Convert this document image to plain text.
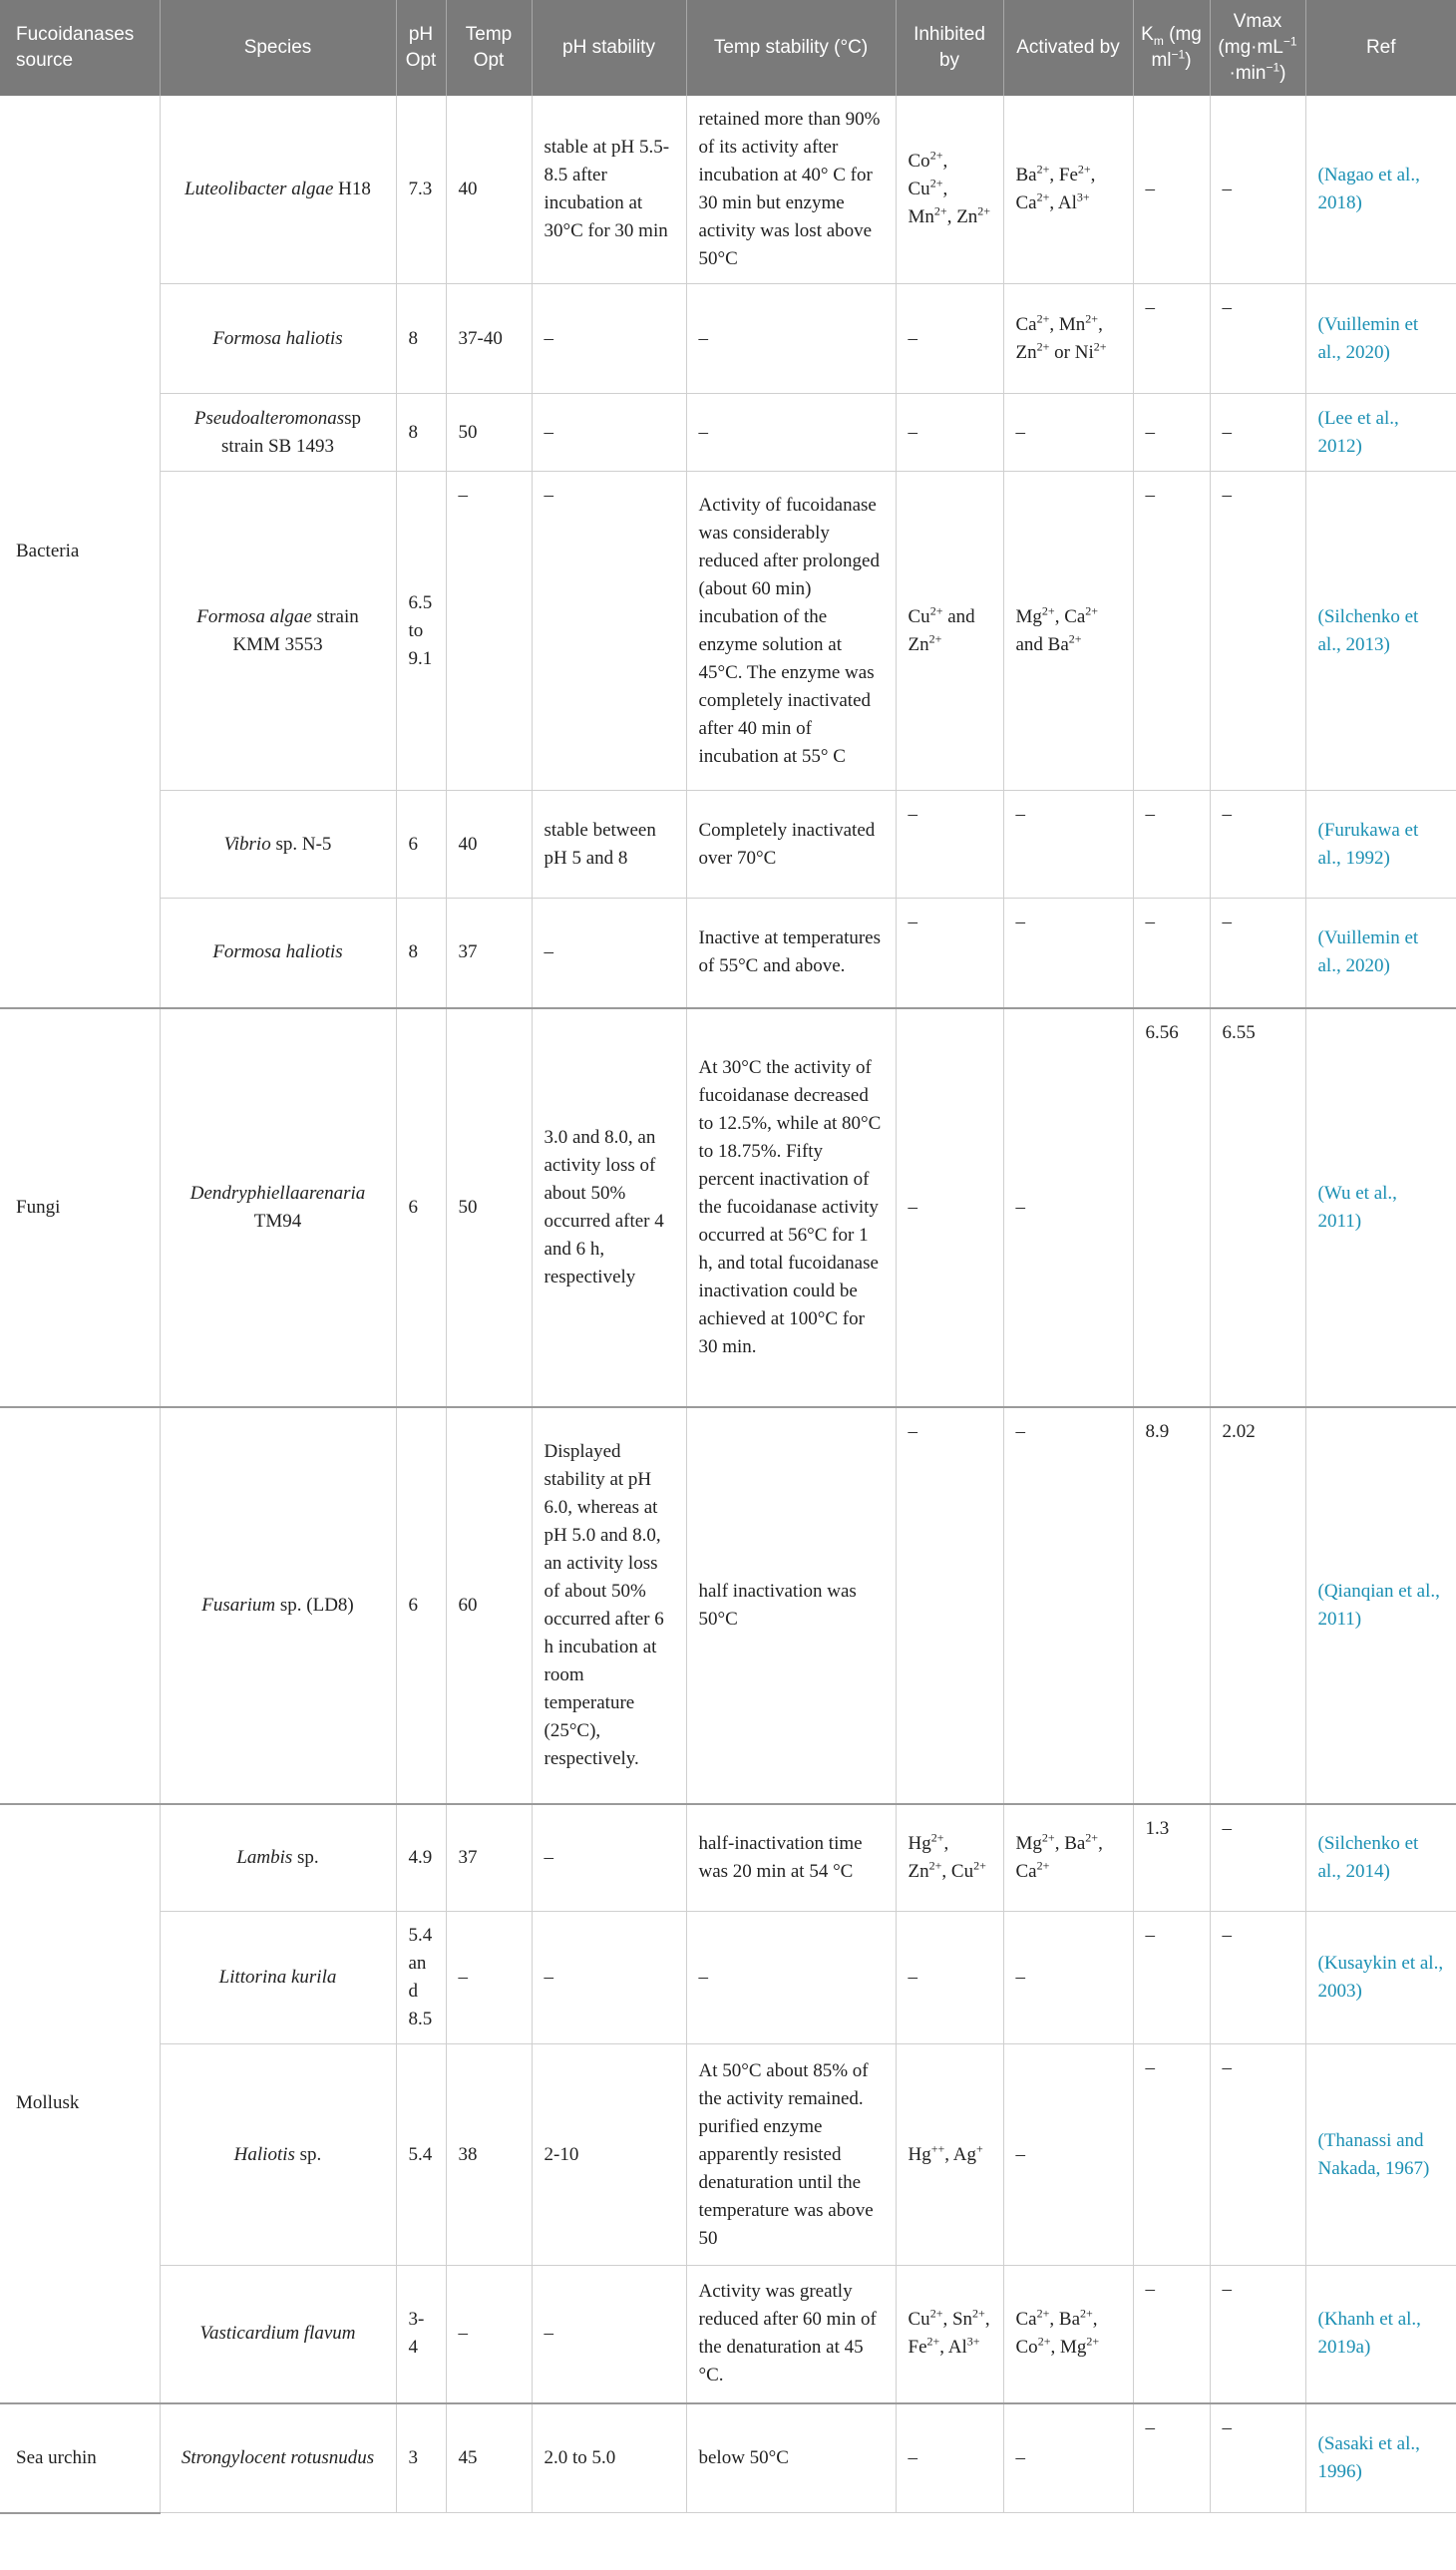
Fucoidanases source	Species	pH Opt	Temp Opt	pH stability	Temp stability (°C)	Inhibited by	Activated by	$K_m$ (mg $ml^{-1}$)	Vmax $(mg\cdot mL^{-1} \cdot\min^{-1})$	Ref
Bacteria	Luteolibacter algae H18	7.3	40	stable at pH 5.5-8.5 after incubation at 30°C for 30 min	retained more than 90% of its activity after incubation at 40° C for 30 min but enzyme activity was lost above 50°C	$Co^{2+}$, $Cu^{2+}$, $Mn^{2+}$, $Zn^{2+}$	$Ba^{2+}$, $Fe^{2+}$, $Ca^{2+}$, $Al^{3+}$	–	–	(Nagao et al., 2018)
	Formosa haliotis	8	37-40	–	–	–	$Ca^{2+}$, $Mn^{2+}$, $Zn^{2+}$ or $Ni^{2+}$	–	–	(Vuillemin et al., 2020)
	Pseudoalteromonassp strain SB 1493	8	50	–	–	–	–	–	–	(Lee et al., 2012)
	Formosa algae strain KMM 3553	6.5 to 9.1	–	–	Activity of fucoidanase was considerably reduced after prolonged (about 60 min) incubation of the enzyme solution at 45°C. The enzyme was completely inactivated after 40 min of incubation at 55° C	$Cu^{2+}$ and $Zn^{2+}$	$Mg^{2+}$, $Ca^{2+}$ and $Ba^{2+}$	–	–	(Silchenko et al., 2013)
	Vibrio sp. N-5	6	40	stable between pH 5 and 8	Completely inactivated over 70°C	–	–	–	–	(Furukawa et al., 1992)
	Formosa haliotis	8	37	–	Inactive at temperatures of 55°C and above.	–	–	–	–	(Vuillemin et al., 2020)
Fungi	Dendryphiellaarenaria TM94	6	50	3.0 and 8.0, an activity loss of about 50% occurred after 4 and 6 h, respectively	At 30°C the activity of fucoidanase decreased to 12.5%, while at 80°C to 18.75%. Fifty percent inactivation of the fucoidanase activity occurred at 56°C for 1 h, and total fucoidanase inactivation could be achieved at 100°C for 30 min.	–	–	6.56	6.55	(Wu et al., 2011)
	Fusarium sp. (LD8)	6	60	Displayed stability at pH 6.0, whereas at pH 5.0 and 8.0, an activity loss of about 50% occurred after 6 h incubation at room temperature (25°C), respectively.	half inactivation was 50°C	–	–	8.9	2.02	(Qianqian et al., 2011)
Mollusk	Lambis sp.	4.9	37	–	half-inactivation time was 20 min at 54 °C	$Hg^{2+}$, $Zn^{2+}$, $Cu^{2+}$	$Mg^{2+}$, $Ba^{2+}$, $Ca^{2+}$	1.3	–	(Silchenko et al., 2014)
	Littorina kurila	5.4 and 8.5	–	–	–	–	–	–	–	(Kusaykin et al., 2003)
	Haliotis sp.	5.4	38	2-10	At 50°C about 85% of the activity remained. purified enzyme apparently resisted denaturation until the temperature was above 50	Hg++, Ag+	–	–	–	(Thanassi and Nakada, 1967)
	Vasticardium flavum	3-4	–	–	Activity was greatly reduced after 60 min of the denaturation at 45 °C.	$Cu^{2+}$, $Sn^{2+}$, $Fe^{2+}$, $Al^{3+}$	$Ca^{2+}$, $Ba^{2+}$, $Co^{2+}$, $Mg^{2+}$	–	–	(Khanh et al., 2019a)
Sea urchin	Strongylocent rotusnudus	3	45	2.0 to 5.0	below 50°C	–	–	–	–	(Sasaki et al., 1996)
